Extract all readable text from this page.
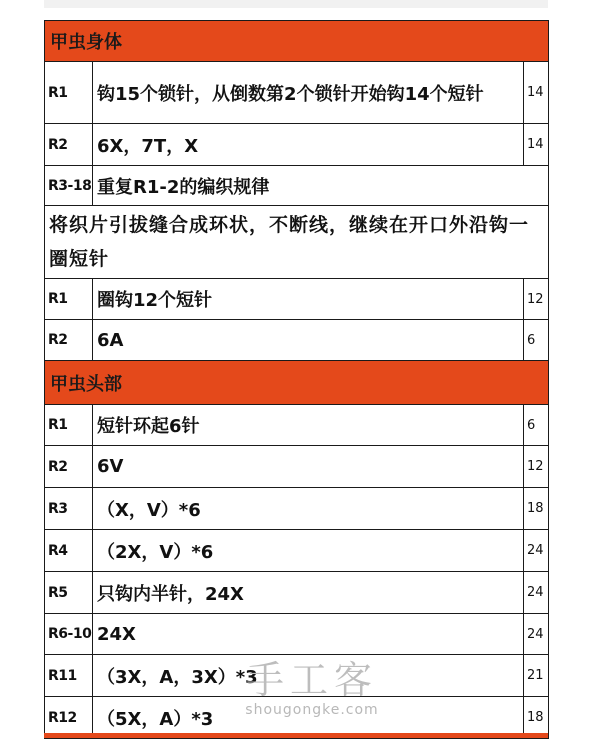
甲虫身体		
R1	钩15个锁针，从倒数第2个锁针开始钩14个短针	14
R2	6X，7T，X	14
R3-18	重复R1-2的编织规律	
将织片引拔缝合成环状，不断线，继续在开口外沿钩一圈短针		
R1	圈钩12个短针	12
R2	6A	6
甲虫头部		
R1	短针环起6针	6
R2	6V	12
R3	（X，V）*6	18
R4	（2X，V）*6	24
R5	只钩内半针，24X	24
R6-10	24X	24
R11	（3X，A，3X）*3	21
R12	（5X，A）*3	18
手工客
shougongke.com
